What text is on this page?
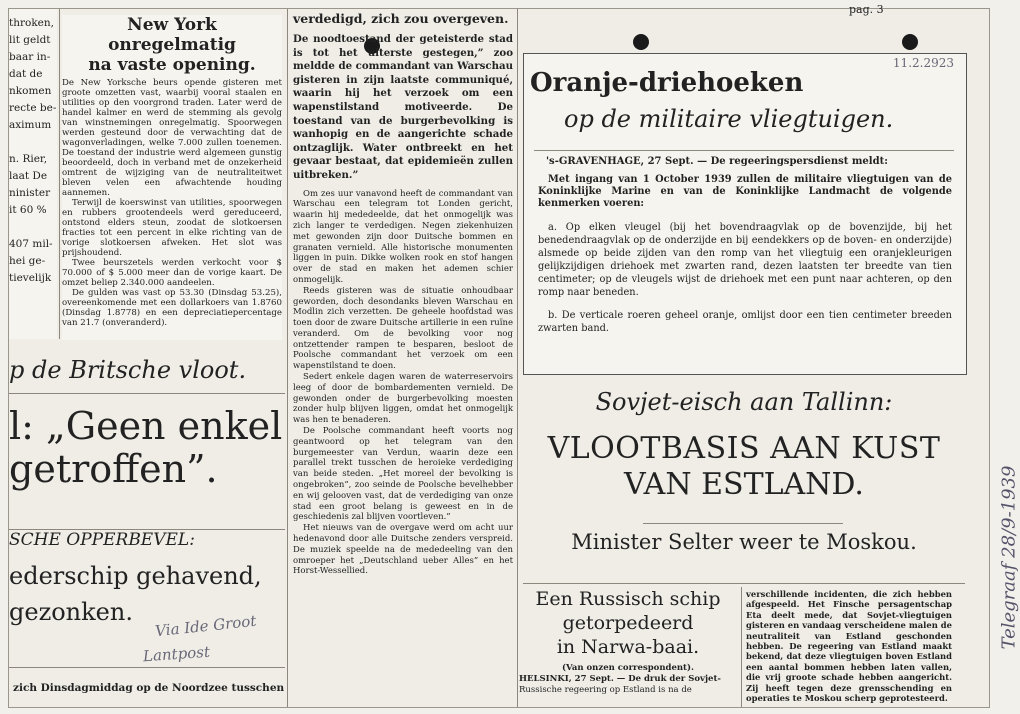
throken,
lit geldt
baar in-
dat de
nkomen
recte be-
aximum

n. Rier,
laat De
ninister
it 60 %

407 mil-
hei ge-
tievelijk
New York onregelmatig
na vaste opening.

De New Yorksche beurs opende gisteren met groote omzetten vast, waarbij vooral staalen en utilities op den voorgrond traden. Later werd de handel kalmer en werd de stemming als gevolg van winstnemingen onregelmatig. Spoorwegen werden gesteund door de verwachting dat de wagonverladingen, welke 7.000 zullen toenemen. De toestand der industrie werd algemeen gunstig beoordeeld, doch in verband met de onzekerheid omtrent de wijziging van de neutraliteitwet bleven velen een afwachtende houding aannemen.

Terwijl de koerswinst van utilities, spoorwegen en rubbers grootendeels werd gereduceerd, ontstond elders steun, zoodat de slotkoersen fracties tot een percent in elke richting van de vorige slotkoersen afweken. Het slot was prijshoudend.

Twee beurszetels werden verkocht voor $ 70.000 of $ 5.000 meer dan de vorige kaart. De omzet beliep 2.340.000 aandeelen.

De gulden was vast op 53.30 (Dinsdag 53.25), overeenkomende met een dollarkoers van 1.8760 (Dinsdag 1.8778) en een depreciatiepercentage van 21.7 (onveranderd).

p de Britsche vloot.
l: „Geen enkel
getroffen”.
SCHE OPPERBEVEL:
ederschip gehavend,
gezonken.
zich Dinsdagmiddag op de Noordzee tusschen
Via Ide Groot
Lantpost
verdedigd, zich zou overgeven.

De noodtoestand der geteisterde stad is tot het uiterste gestegen,” zoo meldde de commandant van Warschau gisteren in zijn laatste communiqué, waarin hij het verzoek om een wapenstilstand motiveerde. De toestand van de burgerbevolking is wanhopig en de aangerichte schade ontzaglijk. Water ontbreekt en het gevaar bestaat, dat epidemieën zullen uitbreken.”

Om zes uur vanavond heeft de commandant van Warschau een telegram tot Londen gericht, waarin hij mededeelde, dat het onmogelijk was zich langer te verdedigen. Negen ziekenhuizen met gewonden zijn door Duitsche bommen en granaten vernield. Alle historische monumenten liggen in puin. Dikke wolken rook en stof hangen over de stad en maken het ademen schier onmogelijk.

Reeds gisteren was de situatie onhoudbaar geworden, doch desondanks bleven Warschau en Modlin zich verzetten. De geheele hoofdstad was toen door de zware Duitsche artillerie in een ruïne veranderd. Om de bevolking voor nog ontzettender rampen te besparen, besloot de Poolsche commandant het verzoek om een wapenstilstand te doen.

Sedert enkele dagen waren de waterreservoirs leeg of door de bombardementen vernield. De gewonden onder de burgerbevolking moesten zonder hulp blijven liggen, omdat het onmogelijk was hen te benaderen.

De Poolsche commandant heeft voorts nog geantwoord op het telegram van den burgemeester van Verdun, waarin deze een parallel trekt tusschen de heroieke verdediging van beide steden. „Het moreel der bevolking is ongebroken”, zoo seinde de Poolsche bevelhebber en wij gelooven vast, dat de verdediging van onze stad een groot belang is geweest en in de geschiedenis zal blijven voortleven.”

Het nieuws van de overgave werd om acht uur hedenavond door alle Duitsche zenders verspreid. De muziek speelde na de mededeeling van den omroeper het „Deutschland ueber Alles” en het Horst-Wessellied.

pag. 3
11.2.2923
Oranje-driehoeken
op de militaire vliegtuigen.

's-GRAVENHAGE, 27 Sept. — De regeeringspersdienst meldt:

Met ingang van 1 October 1939 zullen de militaire vliegtuigen van de Koninklijke Marine en van de Koninklijke Landmacht de volgende kenmerken voeren:

a. Op elken vleugel (bij het bovendraagvlak op de bovenzijde, bij het benedendraagvlak op de onderzijde en bij eendekkers op de boven- en onderzijde) alsmede op beide zijden van den romp van het vliegtuig een oranjekleurigen gelijkzijdigen driehoek met zwarten rand, dezen laatsten ter breedte van tien centimeter; op de vleugels wijst de driehoek met een punt naar achteren, op den romp naar beneden.

b. De verticale roeren geheel oranje, omlijst door een tien centimeter breeden zwarten band.

Sovjet-eisch aan Tallinn:
VLOOTBASIS AAN KUST
VAN ESTLAND.
Minister Selter weer te Moskou.
Een Russisch schip
getorpedeerd
in Narwa-baai.
(Van onzen correspondent).
HELSINKI, 27 Sept. — De druk der Sovjet-
Russische regeering op Estland is na de

verschillende incidenten, die zich hebben afgespeeld. Het Finsche persagentschap Eta deelt mede, dat Sovjet-vliegtuigen gisteren en vandaag verscheidene malen de neutraliteit van Estland geschonden hebben. De regeering van Estland maakt bekend, dat deze vliegtuigen boven Estland een aantal bommen hebben laten vallen, die vrij groote schade hebben aangericht. Zij heeft tegen deze grensschending en operaties te Moskou scherp geprotesteerd.

Telegraaf 28/9-1939
